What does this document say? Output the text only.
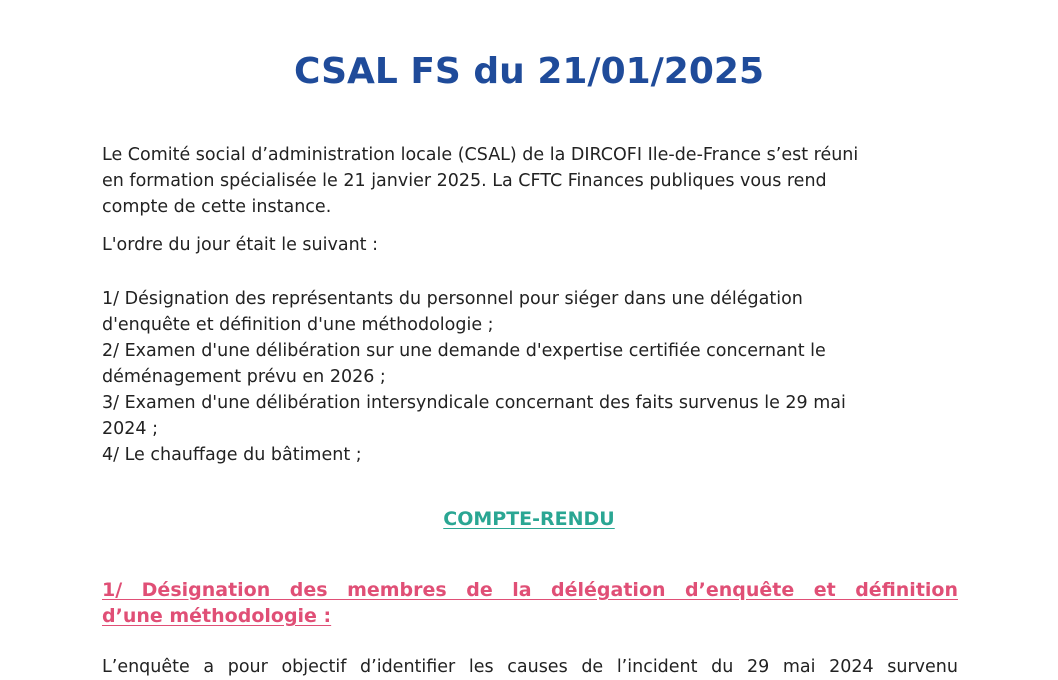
CSAL FS du 21/01/2025

Le Comité social d’administration locale (CSAL) de la DIRCOFI Ile-de-France s’est réuni
en formation spécialisée le 21 janvier 2025. La CFTC Finances publiques vous rend
compte de cette instance.

L'ordre du jour était le suivant :

1/ Désignation des représentants du personnel pour siéger dans une délégation
d'enquête et définition d'une méthodologie ;
2/ Examen d'une délibération sur une demande d'expertise certifiée concernant le
déménagement prévu en 2026 ;
3/ Examen d'une délibération intersyndicale concernant des faits survenus le 29 mai
2024 ;
4/ Le chauffage du bâtiment ;

COMPTE-RENDU
1/ Désignation des membres de la délégation d’enquête et définition
d’une méthodologie :

L’enquête a pour objectif d’identifier les causes de l’incident du 29 mai 2024 survenu
